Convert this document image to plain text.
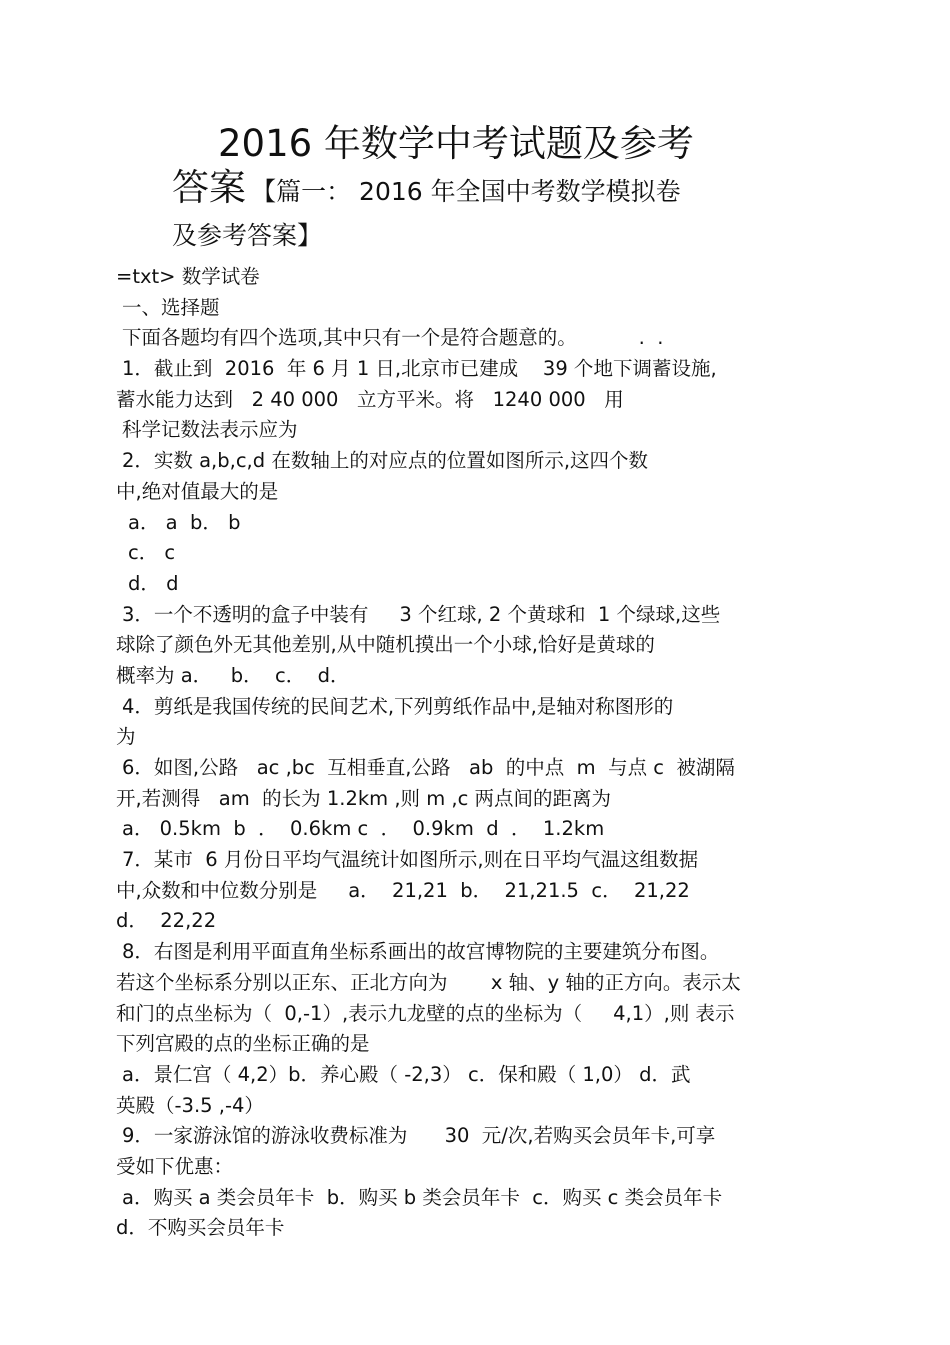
2016 年数学中考试题及参考
答案 【篇一： 2016 年全国中考数学模拟卷
及参考答案】
=txt> 数学试卷
一、选择题
下面各题均有四个选项,其中只有一个是符合题意的。          .  .
1．截止到  2016  年 6 月 1 日,北京市已建成    39 个地下调蓄设施,
蓄水能力达到   2 40 000   立方平米。将   1240 000   用
科学记数法表示应为
2．实数 a,b,c,d 在数轴上的对应点的位置如图所示,这四个数
中,绝对值最大的是
a． a  b． b
c． c
d． d
3．一个不透明的盒子中装有     3 个红球, 2 个黄球和  1 个绿球,这些
球除了颜色外无其他差别,从中随机摸出一个小球,恰好是黄球的
概率为 a．   b．  c．  d．
4．剪纸是我国传统的民间艺术,下列剪纸作品中,是轴对称图形的
为
6．如图,公路   ac ,bc  互相垂直,公路   ab  的中点  m  与点 c  被湖隔
开,若测得   am  的长为 1.2km ,则 m ,c 两点间的距离为
a． 0.5km  b  ．  0.6km c  ．  0.9km  d  ．  1.2km
7．某市  6 月份日平均气温统计如图所示,则在日平均气温这组数据
中,众数和中位数分别是     a．  21,21  b．  21,21.5  c．  21,22
d．  22,22
8．右图是利用平面直角坐标系画出的故宫博物院的主要建筑分布图。
若这个坐标系分别以正东、正北方向为       x 轴、y 轴的正方向。表示太
和门的点坐标为（  0,-1）,表示九龙壁的点的坐标为（     4,1）,则 表示
下列宫殿的点的坐标正确的是
a．景仁宫（ 4,2）b．养心殿（ -2,3） c．保和殿（ 1,0） d．武
英殿（-3.5 ,-4）
9．一家游泳馆的游泳收费标准为      30  元/次,若购买会员年卡,可享
受如下优惠：
a．购买 a 类会员年卡  b．购买 b 类会员年卡  c．购买 c 类会员年卡
d．不购买会员年卡
